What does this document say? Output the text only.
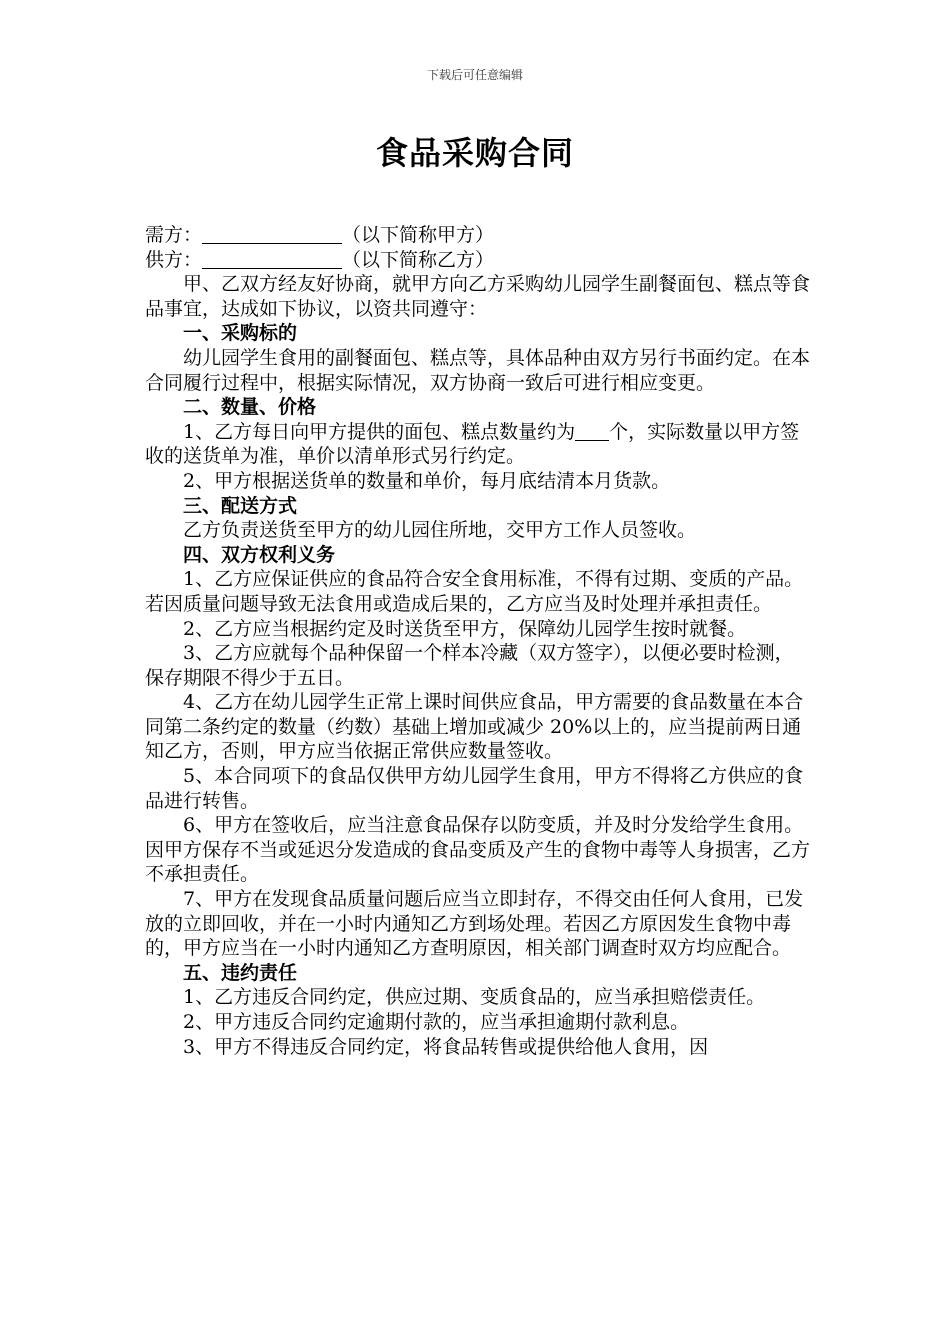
下载后可任意编辑
食品采购合同

需方：	（以下简称甲方）

供方：	（以下简称乙方）

甲、乙双方经友好协商，就甲方向乙方采购幼儿园学生副餐面包、糕点等食品事宜，达成如下协议，以资共同遵守：

一、采购标的

幼儿园学生食用的副餐面包、糕点等，具体品种由双方另行书面约定。在本合同履行过程中，根据实际情况，双方协商一致后可进行相应变更。

二、数量、价格

1、乙方每日向甲方提供的面包、糕点数量约为 个，实际数量以甲方签收的送货单为准，单价以清单形式另行约定。

2、甲方根据送货单的数量和单价，每月底结清本月货款。

三、配送方式

乙方负责送货至甲方的幼儿园住所地，交甲方工作人员签收。

四、双方权利义务

1、乙方应保证供应的食品符合安全食用标准，不得有过期、变质的产品。若因质量问题导致无法食用或造成后果的，乙方应当及时处理并承担责任。

2、乙方应当根据约定及时送货至甲方，保障幼儿园学生按时就餐。

3、乙方应就每个品种保留一个样本冷藏（双方签字），以便必要时检测，保存期限不得少于五日。

4、乙方在幼儿园学生正常上课时间供应食品，甲方需要的食品数量在本合同第二条约定的数量（约数）基础上增加或减少 20%以上的，应当提前两日通知乙方，否则，甲方应当依据正常供应数量签收。

5、本合同项下的食品仅供甲方幼儿园学生食用，甲方不得将乙方供应的食品进行转售。

6、甲方在签收后，应当注意食品保存以防变质，并及时分发给学生食用。因甲方保存不当或延迟分发造成的食品变质及产生的食物中毒等人身损害，乙方不承担责任。

7、甲方在发现食品质量问题后应当立即封存，不得交由任何人食用，已发放的立即回收，并在一小时内通知乙方到场处理。若因乙方原因发生食物中毒的，甲方应当在一小时内通知乙方查明原因，相关部门调查时双方均应配合。

五、违约责任

1、乙方违反合同约定，供应过期、变质食品的，应当承担赔偿责任。

2、甲方违反合同约定逾期付款的，应当承担逾期付款利息。

3、甲方不得违反合同约定，将食品转售或提供给他人食用，因
